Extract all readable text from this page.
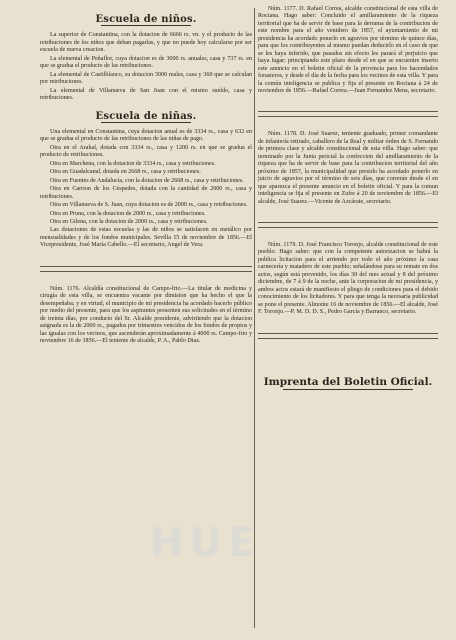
Escuela de niños.

La superior de Constantina, con la dotacion de 6666 rs. vn. y el producto de las retribuciones de los niños que deban pagarlas, y que no puede hoy calcularse por ser escuela de nueva creacion.

La elemental de Peñaflor, cuya dotacion es de 3000 rs. anuales, casa y 737 rs. en que se gradua el producto de las retribuciones.

La elemental de Castilblanco, su dotacion 3000 reales, casa y 360 que se calculan por retribuciones.

La elemental de Villanueva de San Juan con el mismo sueldo, casa y retribuciones.

Escuela de niñas.

Una elemental en Constantina, cuya dotacion anual es de 3334 rs., casa y 632 en que se gradua el producto de las retribuciones de las niñas de pago.

Otra en el Arahal, dotada con 3334 rs., casa y 1200 rs. en que se gradua el producto de retribuciones.

Otra en Marchena, con la dotacion de 3334 rs., casa y retribuciones.

Otra en Guadalcanal, dotada en 2668 rs., casa y retribuciones.

Otra en Fuentes de Andalucía, con la dotacion de 2668 rs., casa y retribuciones.

Otra en Carrion de los Céspedes, dotada con la cantidad de 2000 rs., casa y retribuciones.

Otra en Villanueva de S. Juan, cuya dotacion es de 2000 rs., casa y retribuciones.

Otra en Pruna, con la dotacion de 2000 rs., casa y retribuciones.

Otra en Gilena, con la dotacion de 2000 rs., casa y retribuciones.

Las dotaciones de estas escuelas y las de niños se satisfacen en metálico por mensualidades y de los fondos municipales. Sevilla 15 de noviembre de 1856.—El Vicepresidente, José María Cabello.—El secretario, Angel de Vera.

Núm. 1176. Alcaldía constitucional de Campo-frio.—La titular de medicina y cirugía de esta villa, se encuentra vacante por dimision que ha hecho el que la desempeñaba; y en virtud, el municipio de mi presidencia ha acordado hacerlo público por medio del presente, para que los aspirantes presenten sus solicitudes en el término de treinta días, por conducto del Sr. Alcalde presidente, advirtiendo que la dotacion asignada es la de 2000 rs., pagados por trimestres vencidos de los fondos de propios y las igualas con los vecinos, que ascenderán aproximadamente á 4000 rs. Campo-frio y noviembre 16 de 1856.—El teniente de alcalde, P. A., Pablo Diaz.

Núm. 1177. D. Rafael Correa, alcalde constitucional de esta villa de Rociana. Hago saber: Concluido el amillaramiento de la riqueza territorial que ha de servir de base para la derrama de la contribucion de este nombre para el año venidero de 1857, el ayuntamiento de mi presidencia ha acordado ponerlo en agravios por término de quince días, para que los contribuyentes al mismo puedan deducirlo en el caso de que se les haya inferido, que pasados sin efecto les parará el perjuicio que haya lugar; principiando este plazo desde el en que se encuentre inserto este anuncio en el boletin oficial de la provincia para los hacendados forasteros, y desde el día de la fecha para los vecinos de esta villa. Y para la común inteligencia se publica y fija el presente en Rociana á 24 de noviembre de 1856.—Rafael Correa.—Juan Fernandez Mena, secretario.

Núm. 1178. D. José Suarez, teniente graduado, primer comandante de infantería retirado, caballero de la Real y militar órden de S. Fernando de primera clase y alcalde constitucional de esta villa. Hago saber: que terminado por la Junta pericial la confeccion del amillaramiento de la riqueza que ha de servir de base para la contribucion territorial del año próximo de 1857, la municipalidad que presido ha acordado ponerlo en juicio de agravios por el término de seis días, que correrán desde el en que aparezca el presente anuncio en el boletin oficial. Y para la comun inteligencia se fija el presente en Zufre á 20 de noviembre de 1856.—El alcalde, José Suarez.—Vicente de Azcárate, secretario.

Núm. 1179. D. José Francisco Toronjo, alcalde constitucional de este pueblo. Hago saber: que con la competente autorizacion se habrá la publica licitacion para el arriendo por todo el año próximo la casa carnecería y matadero de este pueblo; señalándose para su remate en dos actos, según está prevenido, los días 30 del mes actual y 8 del próximo diciembre, de 7 á 9 de la noche, ante la corporacion de mi presidencia, y ambos actos estará de manifiesto el pliego de condiciones para el debido conocimiento de los licitadores. Y para que tenga la necesaria publicidad se pone el presente. Almonte 16 de noviembre de 1856.—El alcalde, José F. Toronjo.—P. M. D. D. S., Pedro García y Barranco, secretario.

Imprenta del Boletin Oficial.
HUE
